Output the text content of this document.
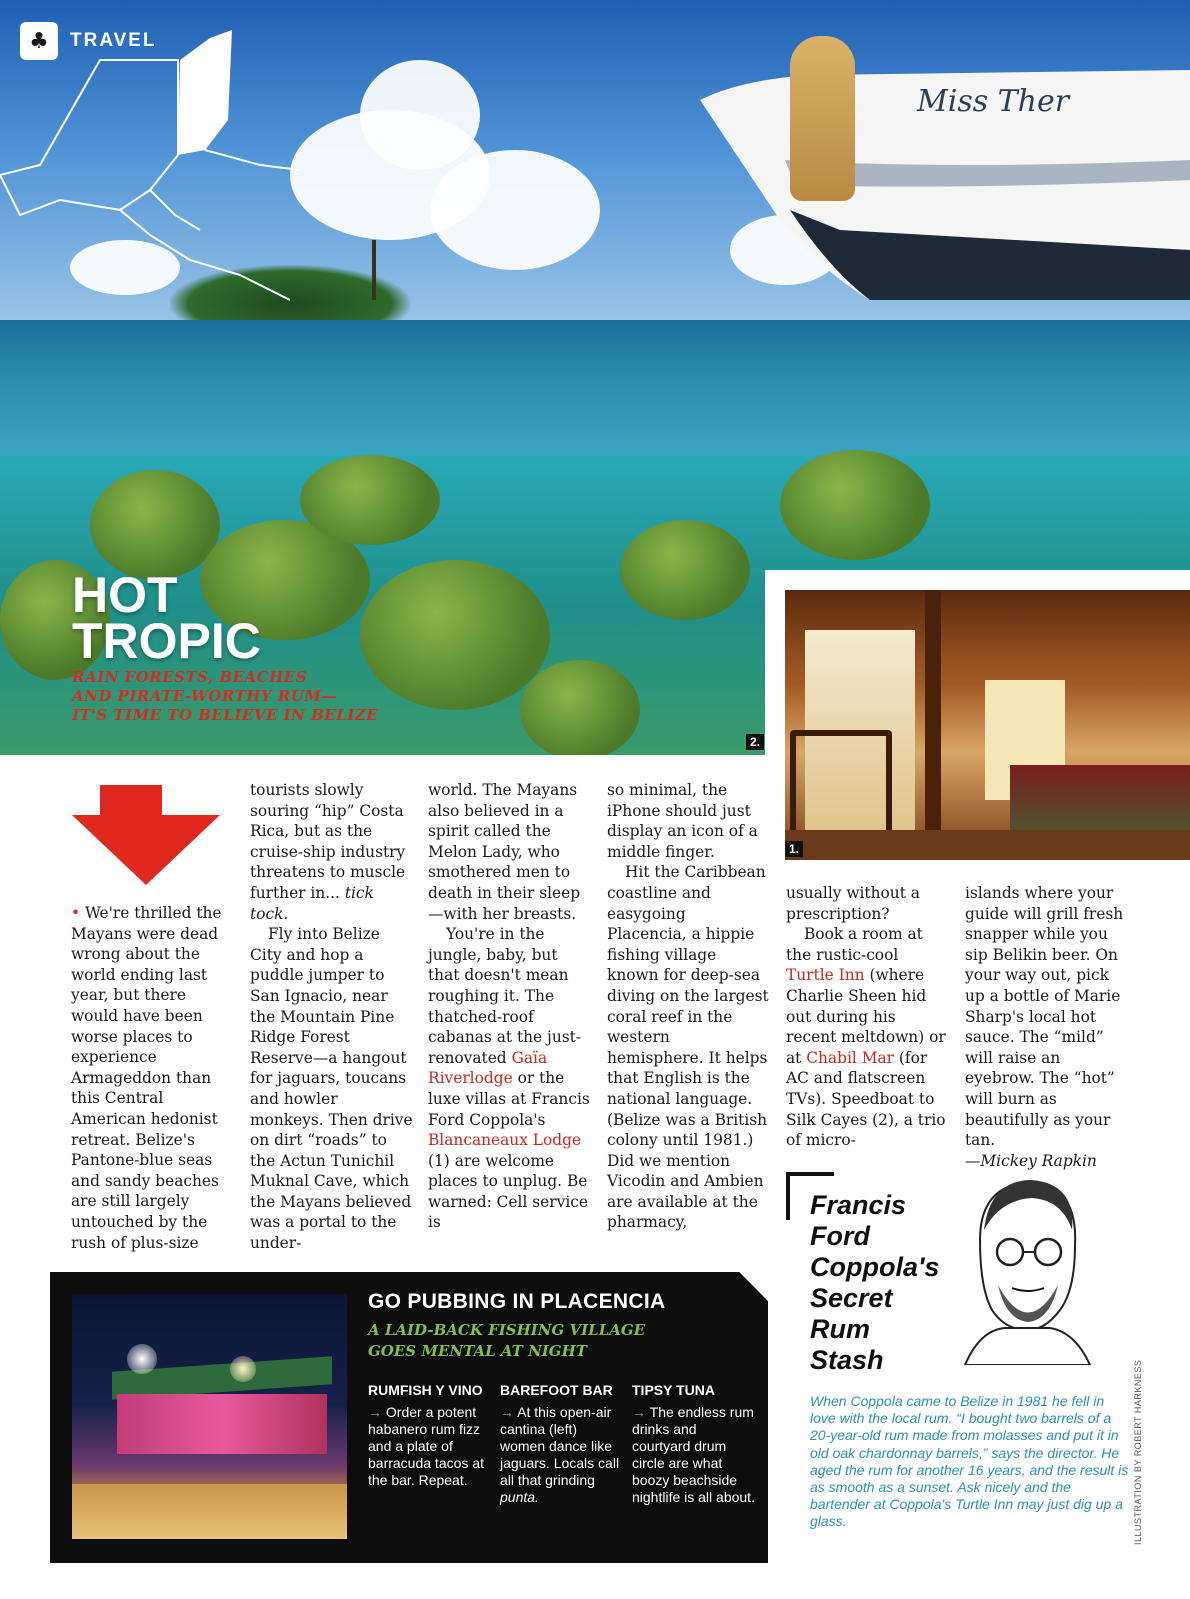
Miss Ther
♣	TRAVEL
HOT
TROPIC
RAIN FORESTS, BEACHES
AND PIRATE-WORTHY RUM—
IT'S TIME TO BELIEVE IN BELIZE
2.
1.

• We're thrilled the Mayans were dead wrong about the world ending last year, but there would have been worse places to experience Armageddon than this Central American hedonist retreat. Belize's Pantone-blue seas and sandy beaches are still largely untouched by the rush of plus-size

tourists slowly souring “hip” Costa Rica, but as the cruise-ship industry threatens to muscle further in... tick tock.

Fly into Belize City and hop a puddle jumper to San Ignacio, near the Mountain Pine Ridge Forest Reserve—a hangout for jaguars, toucans and howler monkeys. Then drive on dirt “roads” to the Actun Tunichil Muknal Cave, which the Mayans believed was a portal to the under-

world. The Mayans also believed in a spirit called the Melon Lady, who smothered men to death in their sleep—with her breasts.

You're in the jungle, baby, but that doesn't mean roughing it. The thatched-roof cabanas at the just-renovated Gaïa Riverlodge or the luxe villas at Francis Ford Coppola's Blancaneaux Lodge (1) are welcome places to unplug. Be warned: Cell service is

so minimal, the iPhone should just display an icon of a middle finger.

Hit the Caribbean coastline and easygoing Placencia, a hippie fishing village known for deep-sea diving on the largest coral reef in the western hemisphere. It helps that English is the national language. (Belize was a British colony until 1981.) Did we mention Vicodin and Ambien are available at the pharmacy,

usually without a prescription?

Book a room at the rustic-cool Turtle Inn (where Charlie Sheen hid out during his recent meltdown) or at Chabil Mar (for AC and flatscreen TVs). Speedboat to Silk Cayes (2), a trio of micro-

islands where your guide will grill fresh snapper while you sip Belikin beer. On your way out, pick up a bottle of Marie Sharp's local hot sauce. The “mild” will raise an eyebrow. The “hot” will burn as beautifully as your tan.

—Mickey Rapkin

GO PUBBING IN PLACENCIA
A LAID-BACK FISHING VILLAGE
GOES MENTAL AT NIGHT
RUMFISH Y VINO

→ Order a potent habanero rum fizz and a plate of barracuda tacos at the bar. Repeat.

BAREFOOT BAR

→ At this open-air cantina (left) women dance like jaguars. Locals call all that grinding punta.

TIPSY TUNA

→ The endless rum drinks and courtyard drum circle are what boozy beachside nightlife is all about.

Francis
Ford
Coppola's
Secret
Rum
Stash
When Coppola came to Belize in 1981 he fell in love with the local rum. “I bought two barrels of a 20-year-old rum made from molasses and put it in old oak chardonnay barrels,” says the director. He aged the rum for another 16 years, and the result is as smooth as a sunset. Ask nicely and the bartender at Coppola's Turtle Inn may just dig up a glass.	ILLUSTRATION BY ROBERT HARKNESS
